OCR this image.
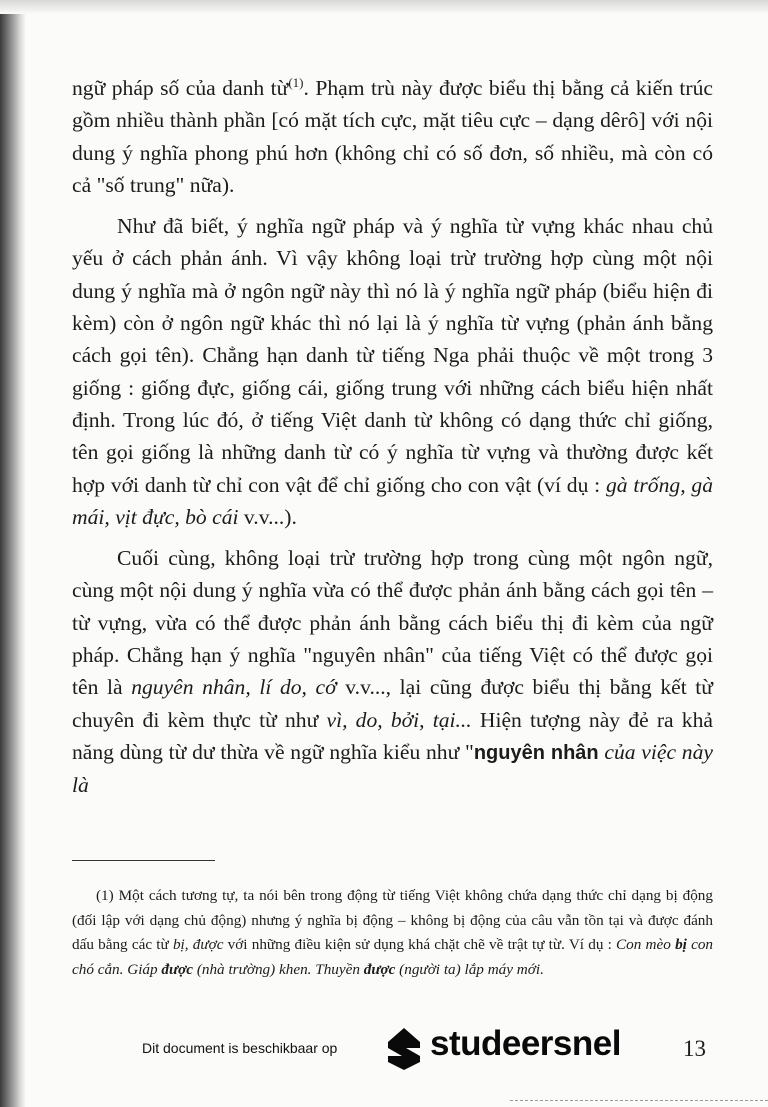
ngữ pháp số của danh từ$^{(1)}$. Phạm trù này được biểu thị bằng cả kiến trúc gồm nhiều thành phần [có mặt tích cực, mặt tiêu cực – dạng dêrô] với nội dung ý nghĩa phong phú hơn (không chỉ có số đơn, số nhiều, mà còn có cả "số trung" nữa).

Như đã biết, ý nghĩa ngữ pháp và ý nghĩa từ vựng khác nhau chủ yếu ở cách phản ánh. Vì vậy không loại trừ trường hợp cùng một nội dung ý nghĩa mà ở ngôn ngữ này thì nó là ý nghĩa ngữ pháp (biểu hiện đi kèm) còn ở ngôn ngữ khác thì nó lại là ý nghĩa từ vựng (phản ánh bằng cách gọi tên). Chẳng hạn danh từ tiếng Nga phải thuộc về một trong 3 giống : giống đực, giống cái, giống trung với những cách biểu hiện nhất định. Trong lúc đó, ở tiếng Việt danh từ không có dạng thức chỉ giống, tên gọi giống là những danh từ có ý nghĩa từ vựng và thường được kết hợp với danh từ chỉ con vật để chỉ giống cho con vật (ví dụ : gà trống, gà mái, vịt đực, bò cái v.v...).

Cuối cùng, không loại trừ trường hợp trong cùng một ngôn ngữ, cùng một nội dung ý nghĩa vừa có thể được phản ánh bằng cách gọi tên – từ vựng, vừa có thể được phản ánh bằng cách biểu thị đi kèm của ngữ pháp. Chẳng hạn ý nghĩa "nguyên nhân" của tiếng Việt có thể được gọi tên là nguyên nhân, lí do, cớ v.v..., lại cũng được biểu thị bằng kết từ chuyên đi kèm thực từ như vì, do, bởi, tại... Hiện tượng này đẻ ra khả năng dùng từ dư thừa về ngữ nghĩa kiểu như "nguyên nhân của việc này là

(1) Một cách tương tự, ta nói bên trong động từ tiếng Việt không chứa dạng thức chỉ dạng bị động (đối lập với dạng chủ động) nhưng ý nghĩa bị động – không bị động của câu vẫn tồn tại và được đánh dấu bằng các từ bị, được với những điều kiện sử dụng khá chặt chẽ về trật tự từ. Ví dụ : Con mèo bị con chó cắn. Giáp được (nhà trường) khen. Thuyền được (người ta) lắp máy mới.
Dit document is beschikbaar op	studeersnel	13
